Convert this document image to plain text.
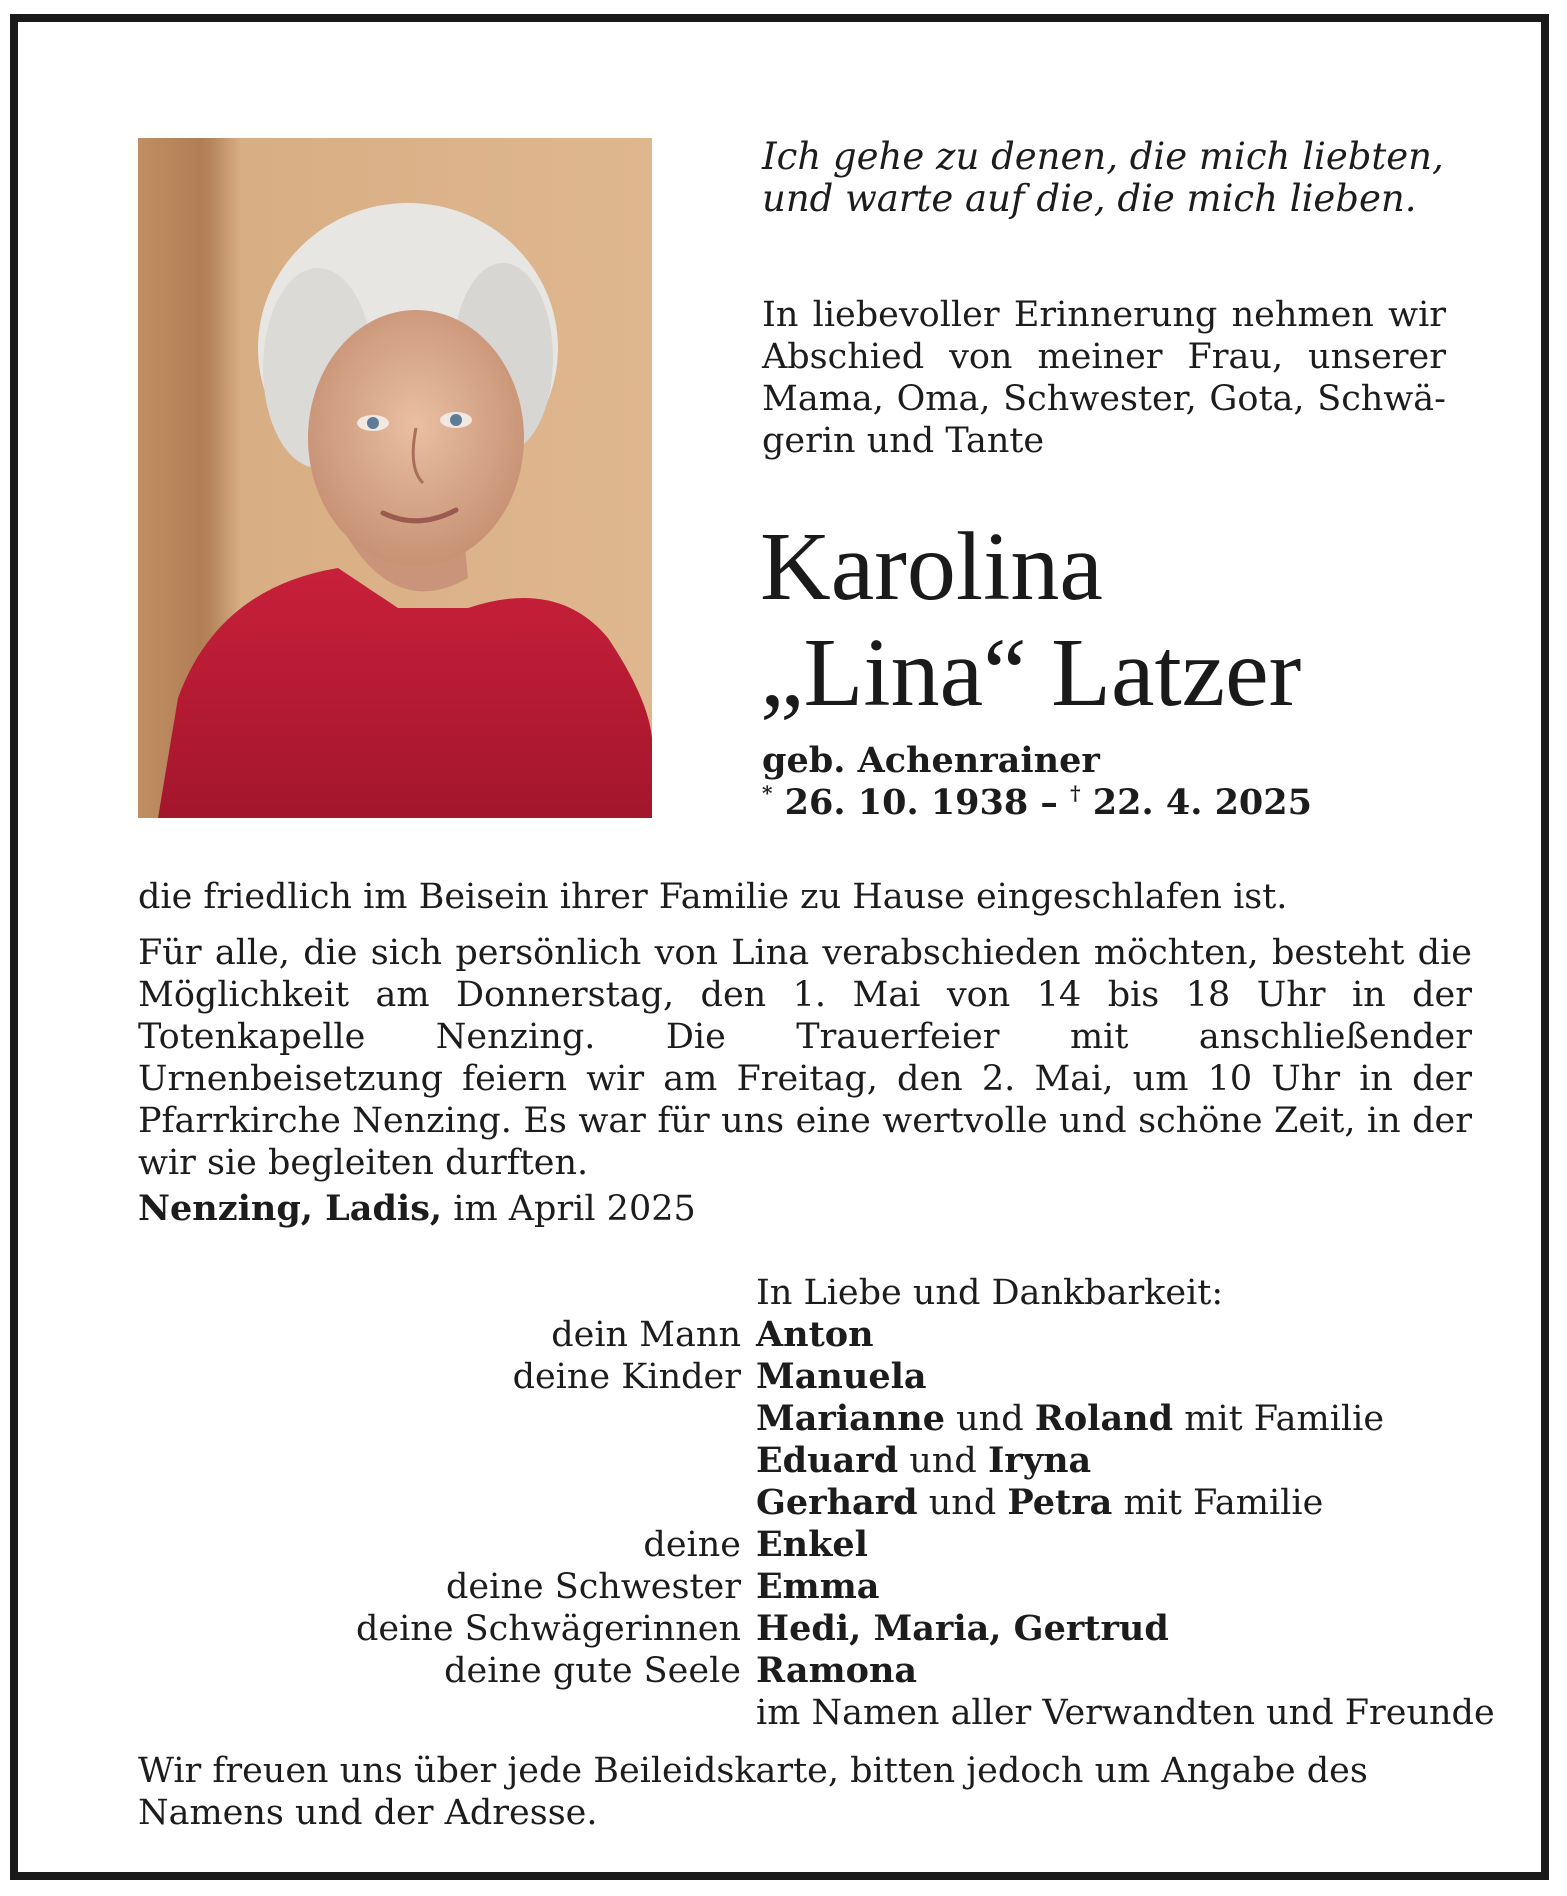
Ich gehe zu denen, die mich liebten,
und warte auf die, die mich lieben.
In liebevoller Erinnerung nehmen wir Abschied von meiner Frau, unserer Mama, Oma, Schwester, Gota, Schwägerin und Tante
Karolina
„Lina“ Latzer
geb. Achenrainer
* 26. 10. 1938 – † 22. 4. 2025
die friedlich im Beisein ihrer Familie zu Hause eingeschlafen ist.
Für alle, die sich persönlich von Lina verabschieden möchten, besteht die Möglichkeit am Donnerstag, den 1. Mai von 14 bis 18 Uhr in der Totenkapelle Nenzing. Die Trauerfeier mit anschließender Urnenbeisetzung feiern wir am Freitag, den 2. Mai, um 10 Uhr in der Pfarrkirche Nenzing. Es war für uns eine wertvolle und schöne Zeit, in der wir sie begleiten durften.
Nenzing, Ladis, im April 2025
In Liebe und Dankbarkeit:
dein Mann Anton
deine Kinder Manuela
Marianne und Roland mit Familie
Eduard und Iryna
Gerhard und Petra mit Familie
deine Enkel
deine Schwester Emma
deine Schwägerinnen Hedi, Maria, Gertrud
deine gute Seele Ramona
im Namen aller Verwandten und Freunde
Wir freuen uns über jede Beileidskarte, bitten jedoch um Angabe des Namens und der Adresse.
